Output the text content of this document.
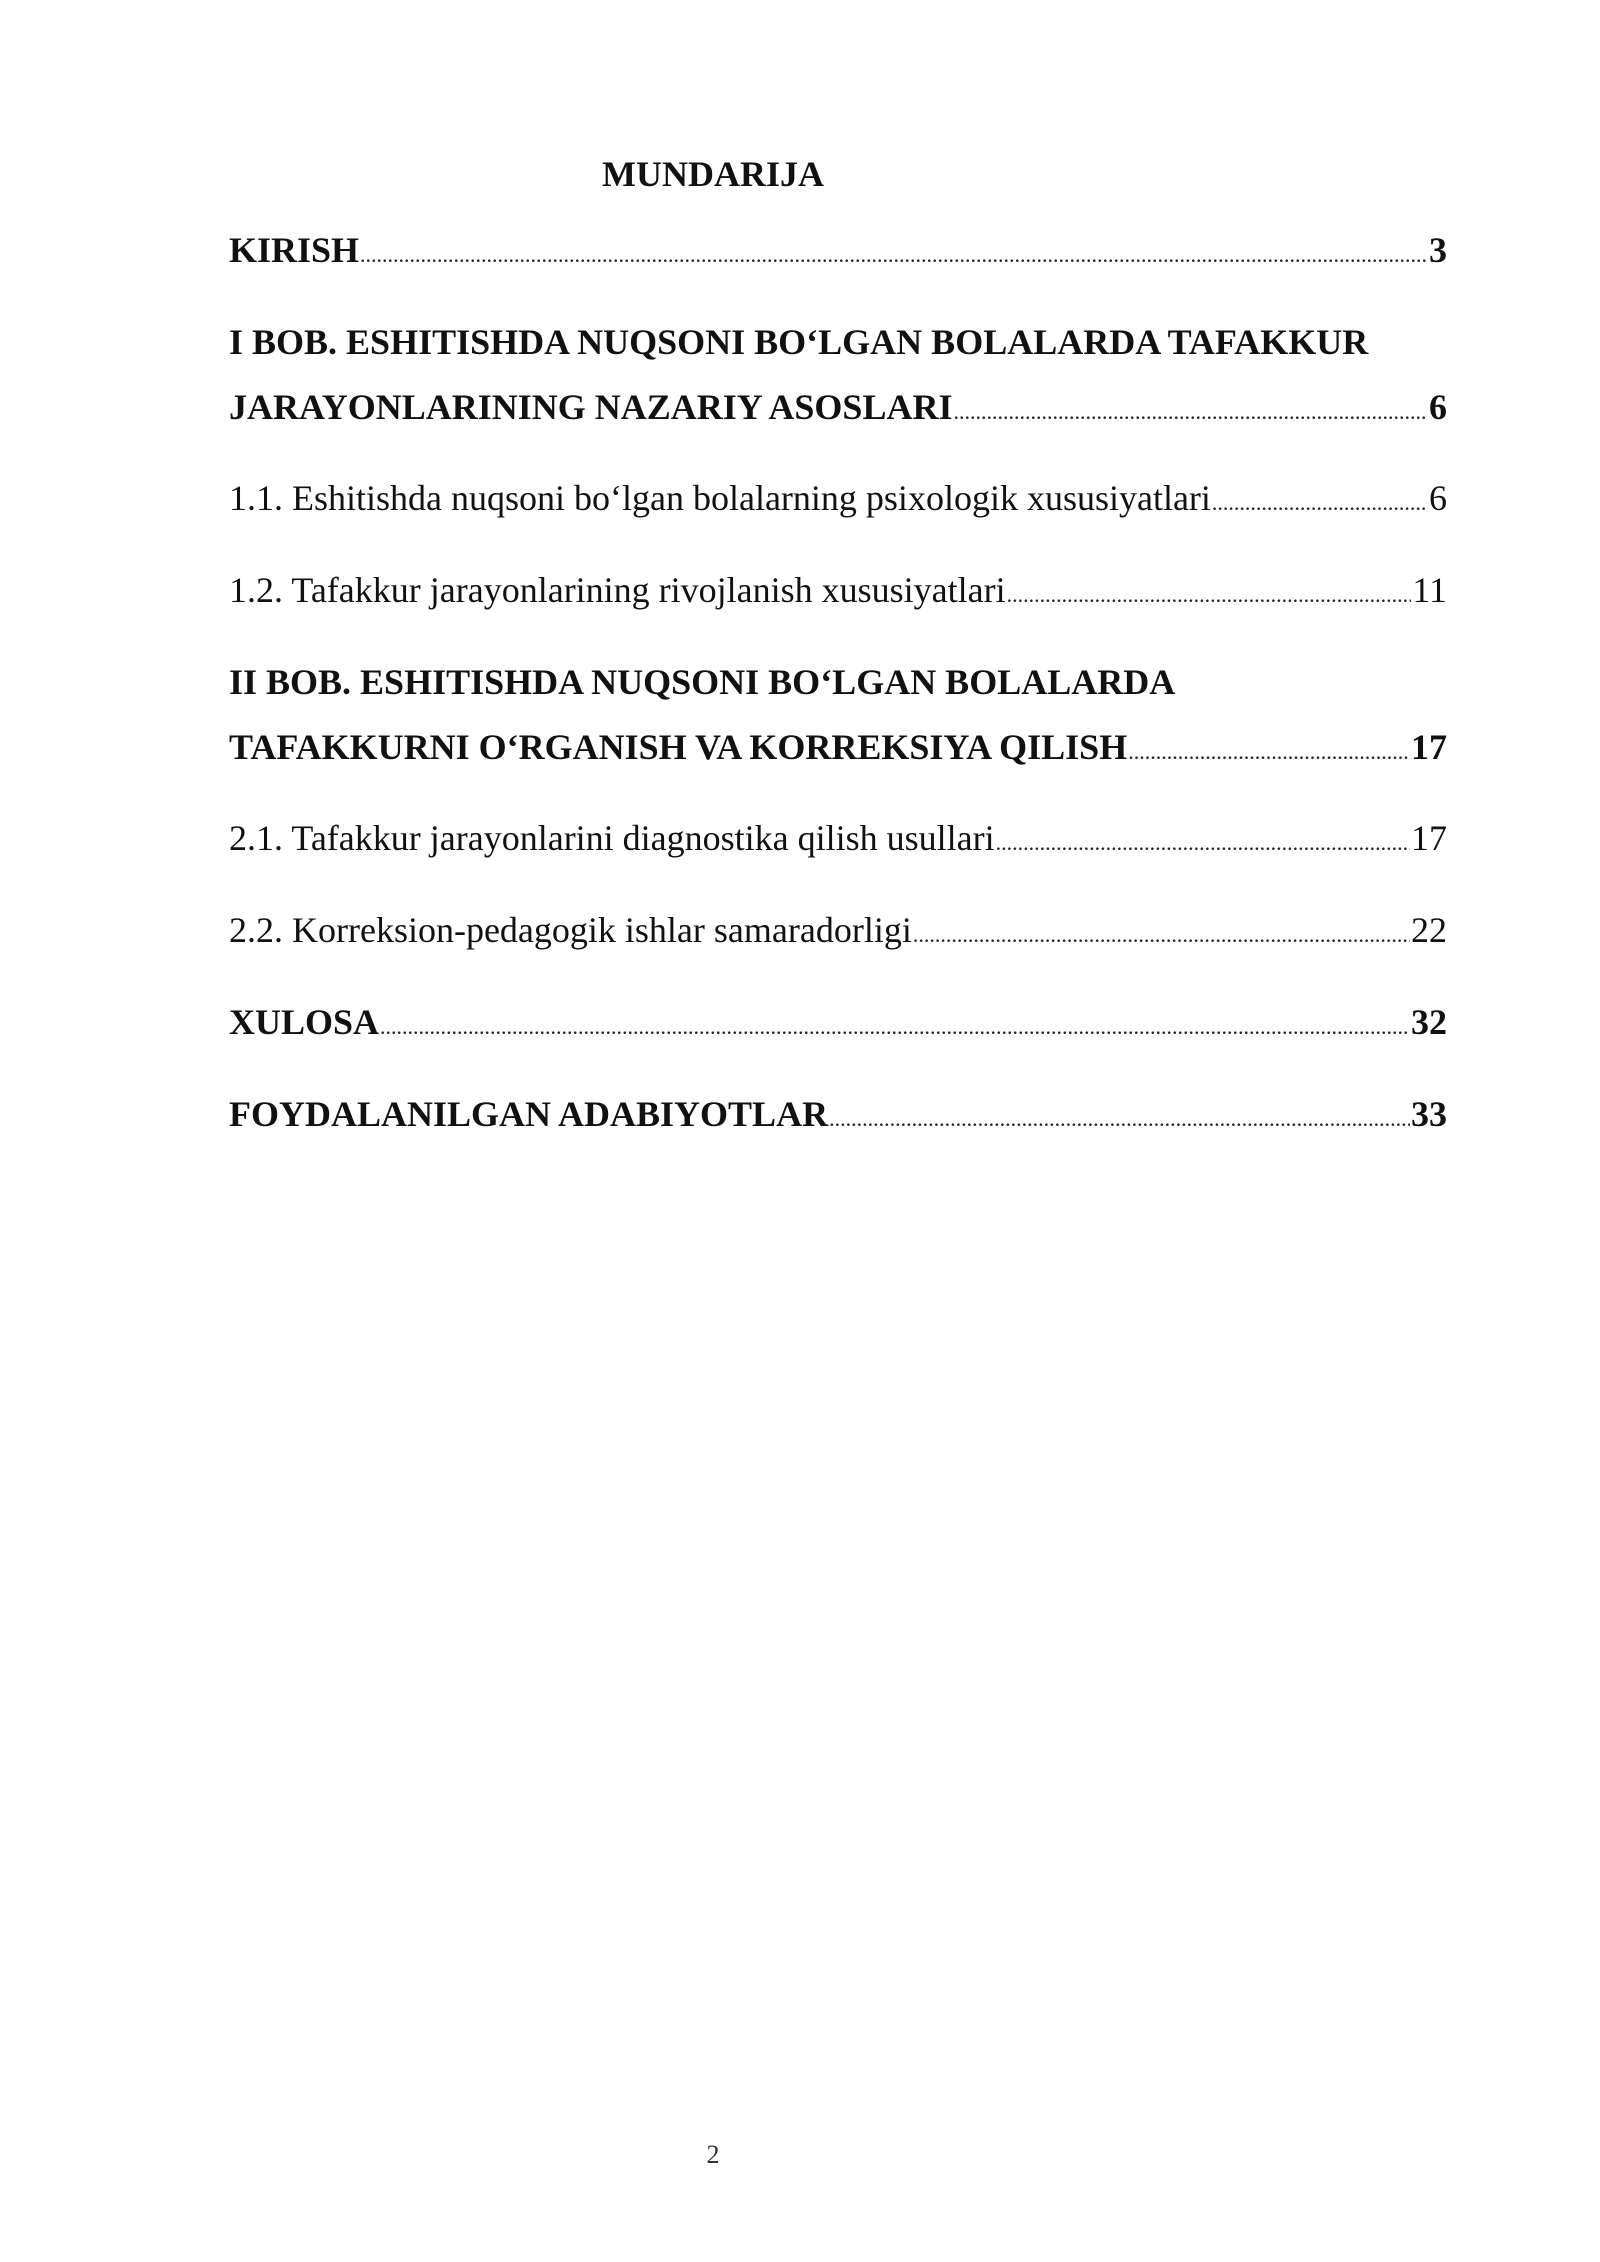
MUNDARIJA
KIRISH .....	3
I BOB. ESHITISHDA NUQSONI BO‘LGAN BOLALARDA TAFAKKUR
JARAYONLARINING NAZARIY ASOSLARI .....	6
1.1. Eshitishda nuqsoni bo‘lgan bolalarning psixologik xususiyatlari .....	6
1.2. Tafakkur jarayonlarining rivojlanish xususiyatlari .....	11
II BOB. ESHITISHDA NUQSONI BO‘LGAN BOLALARDA
TAFAKKURNI O‘RGANISH VA KORREKSIYA QILISH .....	17
2.1. Tafakkur jarayonlarini diagnostika qilish usullari .....	17
2.2. Korreksion-pedagogik ishlar samaradorligi .....	22
XULOSA .....	32
FOYDALANILGAN ADABIYOTLAR .....	33
2
